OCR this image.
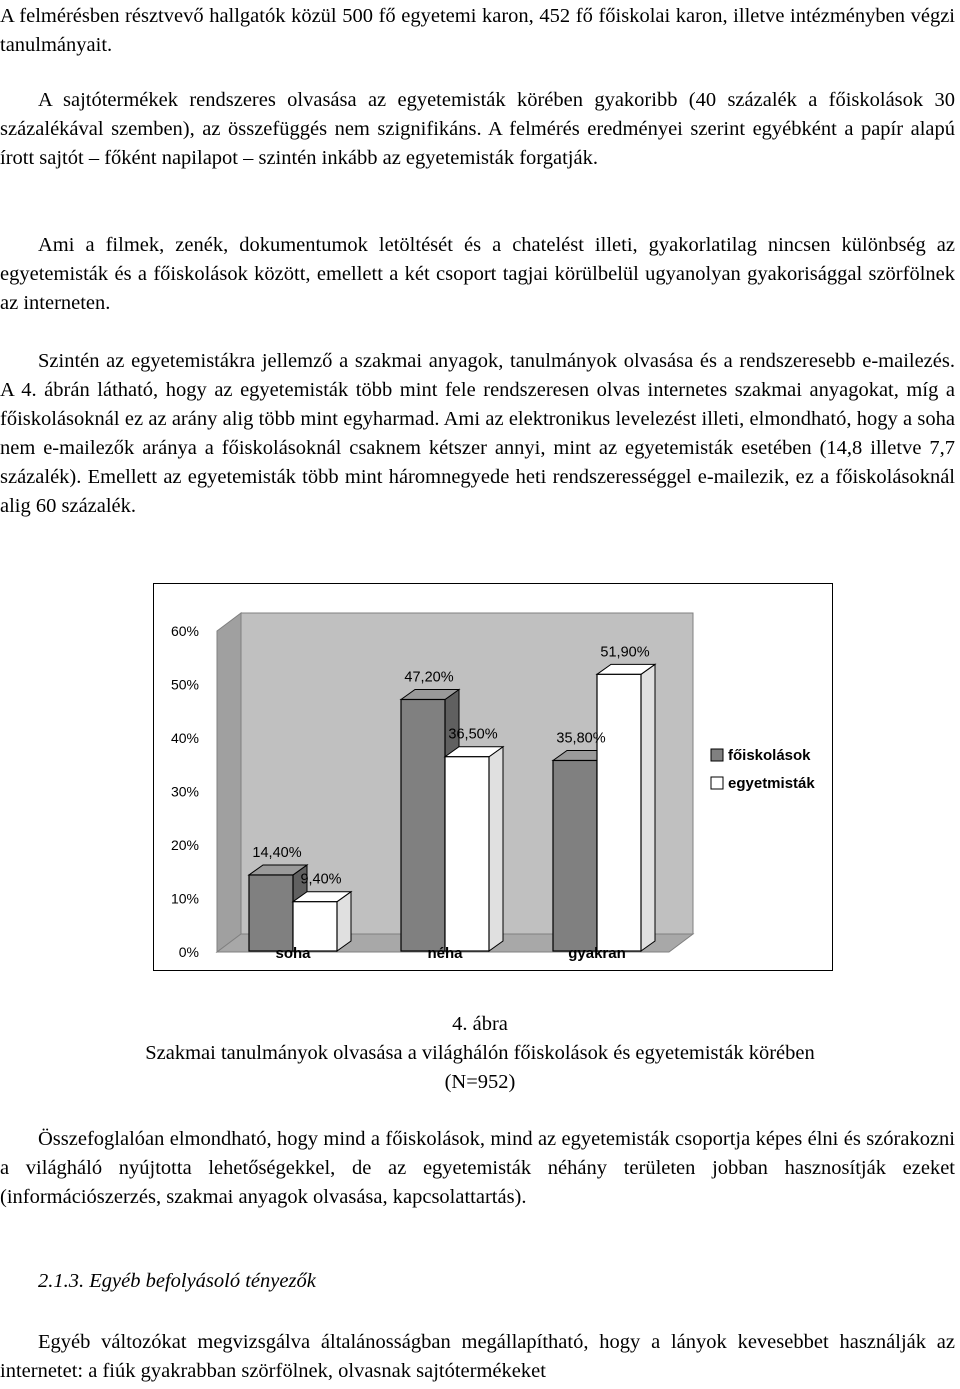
A felmérésben résztvevő hallgatók közül 500 fő egyetemi karon, 452 fő főiskolai karon, illetve intézményben végzi tanulmányait.

A sajtótermékek rendszeres olvasása az egyetemisták körében gyakoribb (40 százalék a főiskolások 30 százalékával szemben), az összefüggés nem szignifikáns. A felmérés eredményei szerint egyébként a papír alapú írott sajtót – főként napilapot – szintén inkább az egyetemisták forgatják.

Ami a filmek, zenék, dokumentumok letöltését és a chatelést illeti, gyakorlatilag nincsen különbség az egyetemisták és a főiskolások között, emellett a két csoport tagjai körülbelül ugyanolyan gyakorisággal szörfölnek az interneten.

Szintén az egyetemistákra jellemző a szakmai anyagok, tanulmányok olvasása és a rendszeresebb e-mailezés. A 4. ábrán látható, hogy az egyetemisták több mint fele rendszeresen olvas internetes szakmai anyagokat, míg a főiskolásoknál ez az arány alig több mint egyharmad. Ami az elektronikus levelezést illeti, elmondható, hogy a soha nem e-mailezők aránya a főiskolásoknál csaknem kétszer annyi, mint az egyetemisták esetében (14,8 illetve 7,7 százalék). Emellett az egyetemisták több mint háromnegyede heti rendszerességgel e-mailezik, ez a főiskolásoknál alig 60 százalék.

0%
10%
20%
30%
40%
50%
60%
14,40%
9,40%
47,20%
36,50%	35,80%
51,90%
soha	néha	gyakran
főiskolások
egyetmisták
4. ábra
Szakmai tanulmányok olvasása a világhálón főiskolások és egyetemisták körében
(N=952)

Összefoglalóan elmondható, hogy mind a főiskolások, mind az egyetemisták csoportja képes élni és szórakozni a világháló nyújtotta lehetőségekkel, de az egyetemisták néhány területen jobban hasznosítják ezeket (információszerzés, szakmai anyagok olvasása, kapcsolattartás).

2.1.3. Egyéb befolyásoló tényezők

Egyéb változókat megvizsgálva általánosságban megállapítható, hogy a lányok kevesebbet használják az internetet: a fiúk gyakrabban szörfölnek, olvasnak sajtótermékeket
